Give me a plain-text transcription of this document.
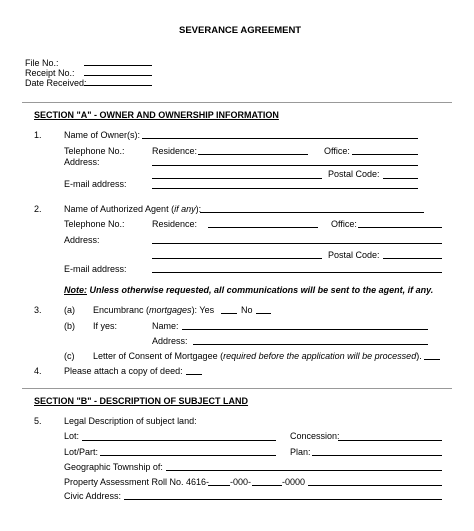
SEVERANCE AGREEMENT
File No.:
Receipt No.:
Date Received:
SECTION "A" - OWNER AND OWNERSHIP INFORMATION
1. Name of Owner(s):
Telephone No.:	Residence:	Office:
Address:
Postal Code:
E-mail address:
2. Name of Authorized Agent (if any):
Telephone No.:	Residence:	Office:
Address:
Postal Code:
E-mail address:
Note: Unless otherwise requested, all communications will be sent to the agent, if any.
3. (a) Encumbranc (mortgages): Yes	No
(b) If yes:	Name:
Address:
(c) Letter of Consent of Mortgagee (required before the application will be processed).
4. Please attach a copy of deed:
SECTION "B" - DESCRIPTION OF SUBJECT LAND
5. Legal Description of subject land:
Lot:	Concession:
Lot/Part:	Plan:
Geographic Township of:
Property Assessment Roll No. 4616- -000-	-0000
Civic Address:
